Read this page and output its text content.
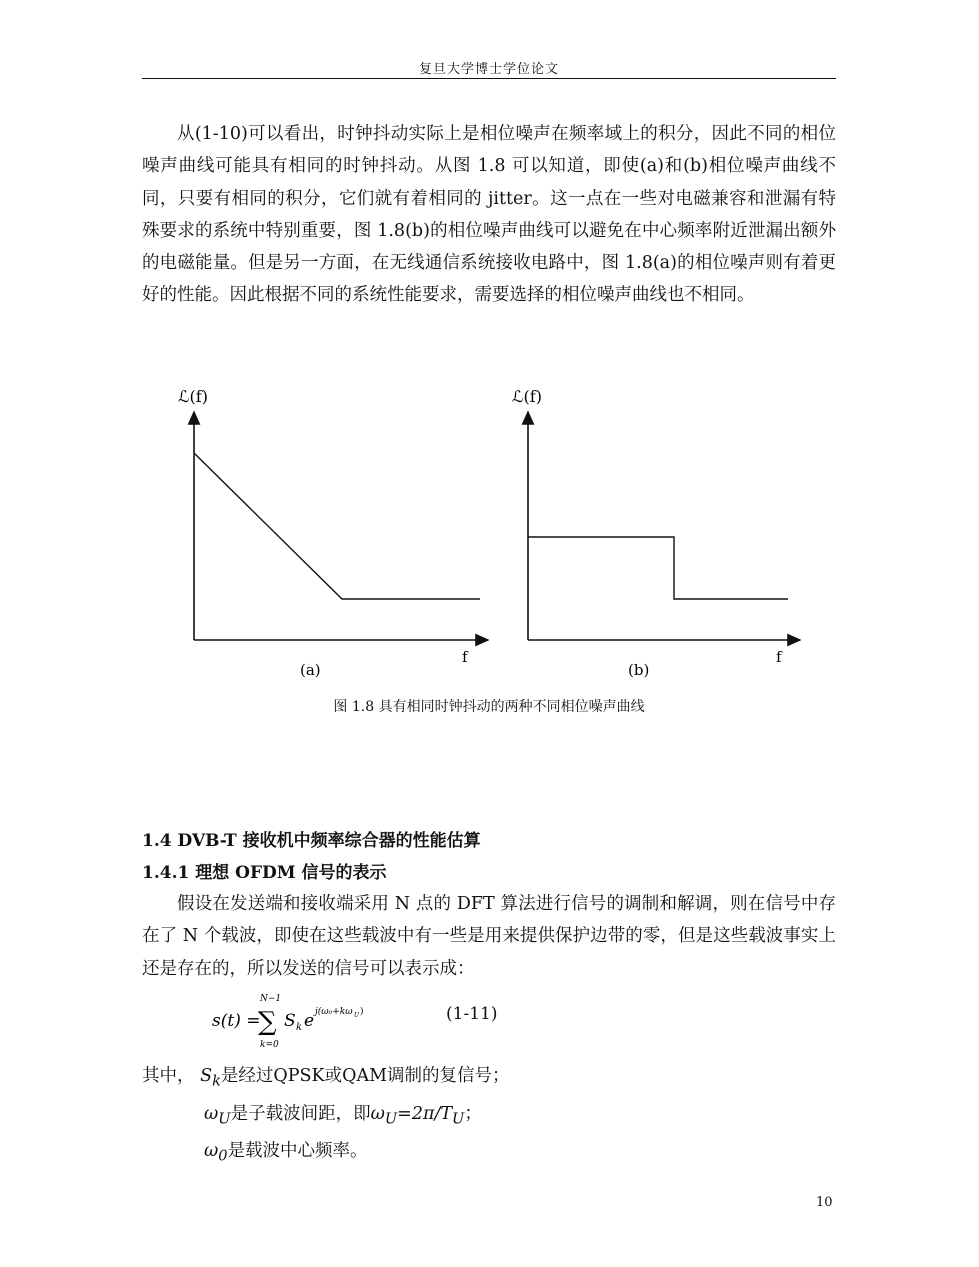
复旦大学博士学位论文

从(1-10)可以看出，时钟抖动实际上是相位噪声在频率域上的积分，因此不同的相位噪声曲线可能具有相同的时钟抖动。从图 1.8 可以知道，即使(a)和(b)相位噪声曲线不同，只要有相同的积分，它们就有着相同的 jitter。这一点在一些对电磁兼容和泄漏有特殊要求的系统中特别重要，图 1.8(b)的相位噪声曲线可以避免在中心频率附近泄漏出额外的电磁能量。但是另一方面，在无线通信系统接收电路中，图 1.8(a)的相位噪声则有着更好的性能。因此根据不同的系统性能要求，需要选择的相位噪声曲线也不相同。

ℒ(f)
f
(a)
ℒ(f)
f
(b)
图 1.8 具有相同时钟抖动的两种不同相位噪声曲线
1.4 DVB-T 接收机中频率综合器的性能估算
1.4.1 理想 OFDM 信号的表示

假设在发送端和接收端采用 N 点的 DFT 算法进行信号的调制和解调，则在信号中存在了 N 个载波，即使在这些载波中有一些是用来提供保护边带的零，但是这些载波事实上还是存在的，所以发送的信号可以表示成：

s(t) =
N−1
∑
k=0
S k e j(ω₀+kω U )	(1-11)
其中， $S_k$是经过QPSK或QAM调制的复信号；
$\omega_U$是子载波间距，即$\omega_U=2\pi/T_U$；
$\omega_0$是载波中心频率。
10
